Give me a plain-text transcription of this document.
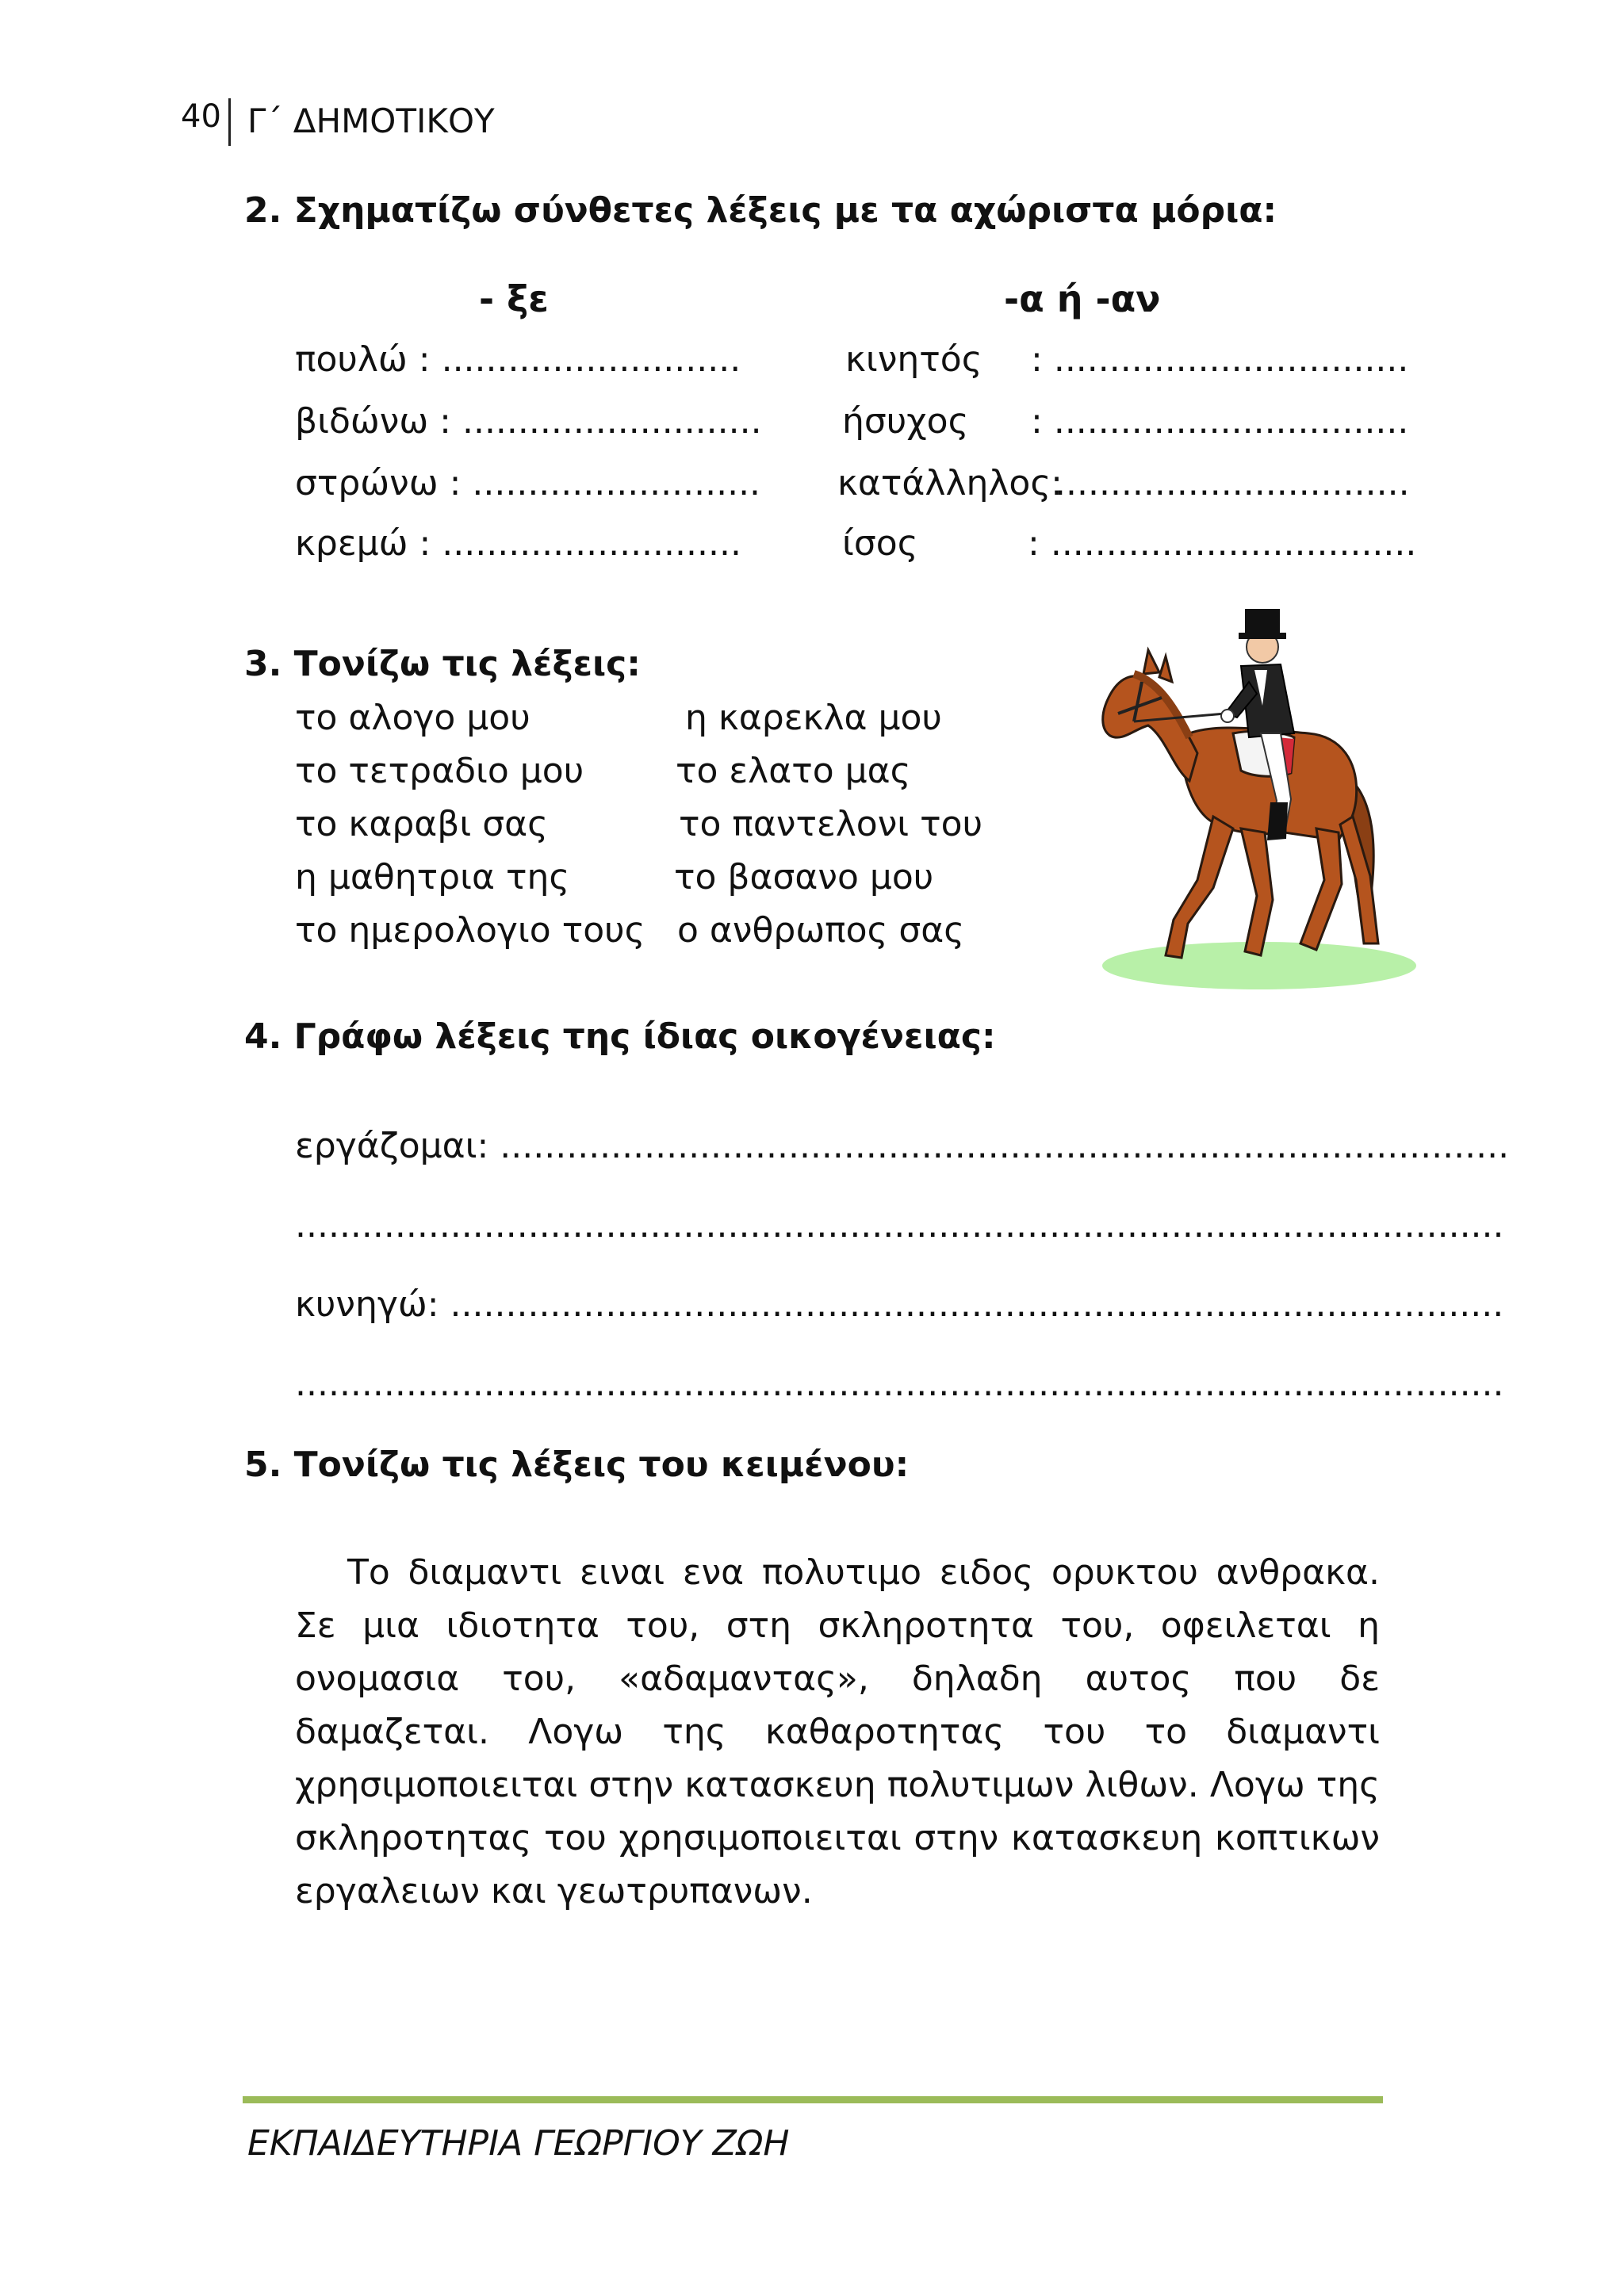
40 Γ΄ ΔΗΜΟΤΙΚΟΥ
2. Σχηματίζω σύνθετες λέξεις με τα αχώριστα μόρια:
- ξε	-α ή -αν
πουλώ : ...........................
βιδώνω : ...........................
στρώνω : ..........................
κρεμώ : ...........................
κινητός : ................................
ήσυχος : ................................
κατάλληλος:
................................
ίσος	: .................................
3. Τονίζω τις λέξεις:
το αλογο μου
το τετραδιο μου
το καραβι σας
η μαθητρια της
το ημερολογιο τους
η καρεκλα μου
το ελατο μας
το παντελονι του
το βασανο μου
ο ανθρωπος σας
4. Γράφω λέξεις της ίδιας οικογένειας:
εργάζομαι: ...........................................................................................
.............................................................................................................
κυνηγώ: ...............................................................................................
.............................................................................................................
5. Τονίζω τις λέξεις του κειμένου:

Το διαμαντι ειναι ενα πολυτιμο ειδος ορυκτου ανθρακα. Σε μια ιδιοτητα του, στη σκληροτητα του, οφειλεται η ονομασια του, «αδαμαντας», δηλαδη αυτος που δε δαμαζεται. Λογω της καθαροτητας του το διαμαντι χρησιμοποιειται στην κατασκευη πολυτιμων λιθων. Λογω της σκληροτητας του χρησιμοποιειται στην κατασκευη κοπτικων εργαλειων και γεωτρυπανων.

ΕΚΠΑΙΔΕΥΤΗΡΙΑ ΓΕΩΡΓΙΟΥ ΖΩΗ
